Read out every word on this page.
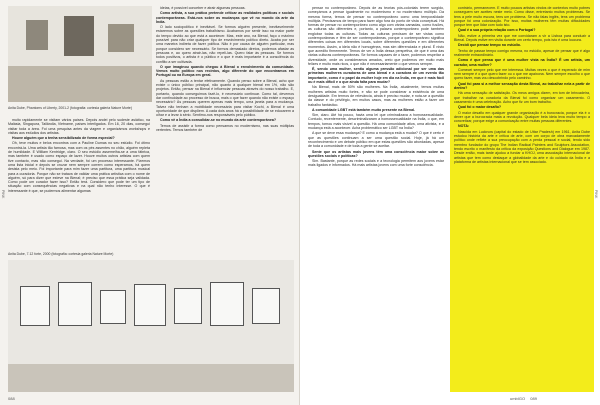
Anita Dube, Phantoms of Liberty, 2001-2 (fotografia: cortesia galeria Nature Morte)

muito rapidamente se visitam vários países. Depois andei pelo sudeste asiático, na Malásia, Singapura, Tailândia, Vietname, países interligados. Em 16, 20 dias, conseguí visitar toda a área. Foi uma pesquisa antes da viagem e organizámos workshops e visitas aos estúdios dos artistas.

Houve alguém que a tenha sensibilizado de forma especial?

Oh, teve muitos e belos encontros com a Pauline Dumas no seu estúdio. Foi ótimo encontrá-la. Uma artista tão famosa, mas com os pés assentes no chão, alguém repleta de humildade. E William Kentridge, claro. O seu estúdio assemelha-se a uma fábrica, mas também é usado como espaço de lazer. Houve muitos outros artistas com quem tive contacto, mas não consegui. Na verdade, foi um processo interessante. Fizemos uma lista inicial e depois se cruzar nem sempre correm como esperamos, há quem desista pelo meio. Foi importante para mim fazer uma partitura, uma partitura musical para a curadoria. Porque não se tratava de validar uma prática artística com o nome de alguém, só para dizer que esteve na Bienal; é preciso que essa prática seja validada. Como pode um curador fazer isso? Então terá. Considero que pode ter um tipo de situação com consequências negativas e na qual não tenho interesse. O que é interessante é que, se pudermos alimentar algumas

ideias, é possível conceber e atrair algumas pessoas.

Como artista, a sua prática pretende criticar as realidades políticas e sociais contemporâneas. Está-nos sobre as mudanças que vê no mundo da arte da Índia.

O lado sociopolítico é inevitável. Se formos alguém presente, inevitavelmente estaremos sobre as questões trabalhismo. Acabamos por sentir isso na maior parte do tempo devido ao que está a acontecer. Mas, este ano, na Bienal, faço o máximo possível para não criar qualquer tipo de envolvimento político direto. Acaba por ser uma maneira indireta de fazer política. Não é por causa de alguém particular, mas porque considero ser necessário. Se formos demasiado diretos, podemos afastar as pessoas e, ao quero atrair-las, não repeli-las. Quero falar às pessoas. Se formos todos positivos, o artista é o público e o que é mais importante é a consciência do conflito a ser cultivada.

O que imaginou quando chegou à Bienal o envolvimento da comunidade. Vemos muito político nos recintos, algo diferente do que encontramos em Portugal ou na Europa em geral.

As pessoas estão a tentar efetivamente. Quando penso sobre a Bienal, acho que existe o único público principal, não quanto à qualquer bienal em 1%, não são projetos. Então, pensar na Bienal é influenciar pessoas através do nosso trabalho. E, portanto, quando conseguimos fazê-lo, é necessário continuar. Como tal, devemos dar continuidade ao processo de busca, mais o que fazer quando não existe o espaço necessário? Às pessoas querem apenas mais tempo, uma janela para a mudança. Talvez não tenham a mobilidade necessária para visitar Kochi, a Bienal é uma oportunidade de que dispõem. A cada dois anos há a possibilidade de se educarem a olhar e a levar à sério. Sentimo-nos responsáveis pelo público.

Como vê a Índia a consolidar-se no mundo da arte contemporânea?

Temos de assistir a forma como pensamos no modernismo, nas suas múltiplas vertentes. Temos também de

Anita Dube, 7.12 forte, 2000 (fotografia: cortesia galeria Nature Morte)
088
PINK

pensar no contemporâneo. Depois de as teorias pós-coloniais terem surgido, começámos a pensar igualmente no modernismo e no modernismo múltiplo. Da mesma forma, temos de pensar no contemporâneo como uma temporalidade múltipla. Precisamos de tempo para fazer algo fora do ponto de vista conceptual. Há formas de pensar no contemporâneo como algo com várias camadas, como fusões, as culturas são diferentes e, portanto, a palavra contemporâneo pode também englobar todas as culturas. Todas as culturas precisam de ser vistas como contemporâneas e têm de ser contemporâneas, porque o contemporâneo significa diferentes coisas em diferentes locais, sobre diferentes questões e em diferentes momentos. Assim, a ideia não é homogénea, mas sim diferenciada e plural. É nisto que acredito firmemente. Temos de ver a Índia dessa perspetiva, de que é uma das várias culturas contemporâneas. Se formos capazes de o fazer, podemos respeitar a diversidade, onde os consideramos amados, creio que podemos ver muito mais felizes e muito mais ricos, o que não é necessariamente o que vemos sempre.

É, sendo uma mulher, sentiu alguma pressão adicional por ser uma das primeiras mulheres curadoras de uma bienal e a curadora de um evento tão importante, como é o papel da mulher hoje em dia na Índia, em que é mais fácil ou é mais difícil e o que ainda falta para mudar?

Na Bienal, mais de 50% são mulheres. Na Índia, atualmente, temos muitas mulheres artistas muito fortes, e não se pode considerar a existência de uma desigualdade. Em termos de relevância, ainda é preciso mudar, e nota-se a questão da classe e do privilégio, em muitos casos, mas as mulheres estão a fazer um trabalho fantástico.

A comunidade LGBT está também muito presente na Bienal.

Sim, claro. Até há pouco, havia uma lei que criminalizava a homossexualidade. Contudo, recentemente, descriminalizaram a homossexualidade na Índia, o que, em tempos, tornou mais visível a questão. Há uma comunidade ativa, uma ativista, e a mudança está a acontecer. Acha problemático ser LGBT na Índia?

A que se deve essa mudança? E como a mudança está a mudar? O que é certo é que as questões continuam a ser uma questão social. Hoje, já há um reconhecimento e um debate público em que estas questões são abordadas, apesar de toda a comunidade e de toda a gente se aceitar.

Sente que os artistas mais jovens têm uma consciência maior sobre as questões sociais e políticas?

Sim. Bastante, porque as redes sociais e a tecnologia permitem aos jovens estar mais ligados e informados. Há mais artistas jovens com uma forte consciência.

contrário, permanecem. E muito poucos artistas vindos de contextos muito pobres conseguem ser aceites neste meio. Como disse, entretanto muitos problemas. Se tens a pele muito escura, tens um problema. Se não falas inglês, tens um problema porque foi uma colonização. Por isso, muitas mulheres têm muitas dificuldades porque tem que lidar com tudo isto.

Qual é a sua própria relação com o Portugal?

Não, estive a primeira vez que me convidaram a vir a Lisboa para conduzir a Bienal. Depois estive em visita durante um certo tempo, pois isto é uma loucura.

Decidi que pensar tempo no estúdio.

Tenho de passar tempo comigo mesma, no estúdio, apesar de pensar que é algo realmente extraordinário.

Como é que pensa que é uma mulher vista na Índia? É um artista, um curador, uma mulher?

Comecei sempre pelo que me interessa. Muitas vezes o que é esperado de mim nem sempre é o que quero fazer ou o que me apaixona. Nem sempre escolho o que quero fazer, mas vou descobrindo pelo caminho.

Qual foi para si a melhor sensação desta Bienal, ao trabalhar nela a partir de dentro?

Há uma sensação de satisfação. Os meus amigos dizem, em tom de brincadeira, que trabalhar na curadoria da Bienal foi como organizar um casamento. O casamento é uma celebração. Acho que fiz um bom trabalho.

Qual foi o maior desafio?

O maior desafio em qualquer grande organização é a burocracia, porque ela é o dever que a burocracia mata a revolução. Qualquer bela ideia leva muito tempo a concretizar, porque exige a comunicação entre muitas pessoas diferentes.

NOTA:

Nascida em Lucknow (capital do estado de Uttar Pradesh) em 1961, Anita Dube estudou história da arte e crítica de arte, com um corpo de obra marcadamente político onde reflete a sua preocupação com a perda pessoal e social, tendo sido membro fundador do grupo The Indian Radical Painters and Sculptors Association, tendo escrito o manifesto da crítica da exposição Questions and Dialogue em 1987. Desde então, mais tarde ajudou a fundar a KHOJ, uma associação internacional de artistas que tem como destaque a globalidade da arte e do cuidado da Índia e a plataforma de artistas internacional que se tem associado.

umbIGO 089
PINK
